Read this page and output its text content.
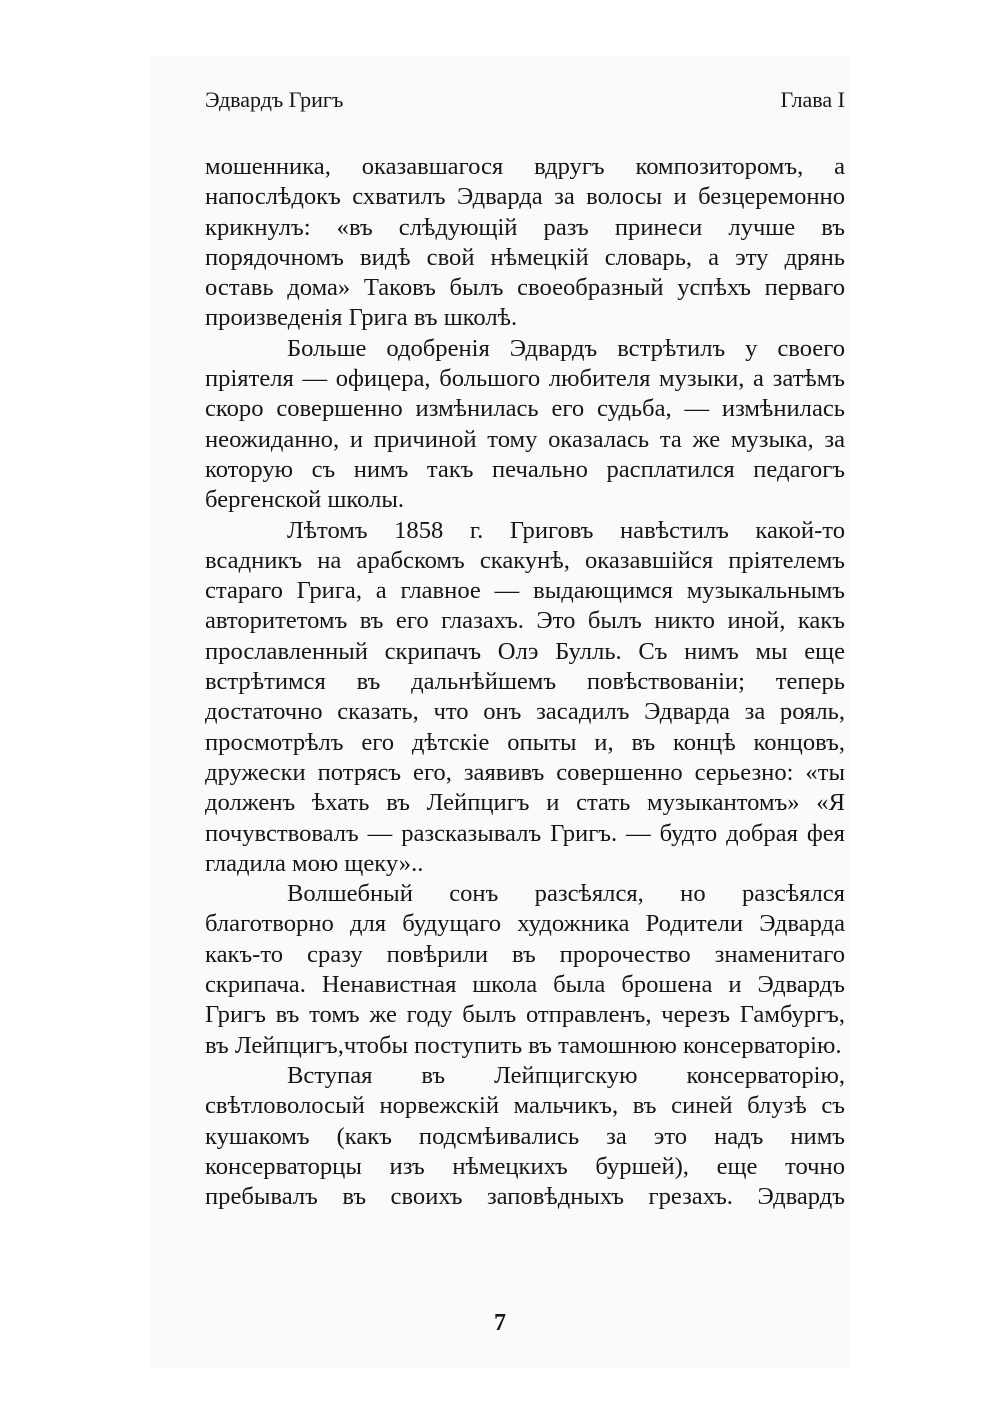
Эдвардъ Григъ	Глава I

мошенника, оказавшагося вдругъ композиторомъ, а напослѣдокъ схватилъ Эдварда за волосы и безцеремонно крикнулъ: «въ слѣдующій разъ принеси лучше въ порядочномъ видѣ свой нѣмецкій словарь, а эту дрянь оставь дома» Таковъ былъ своеобразный успѣхъ перваго произведенія Грига въ школѣ.

Больше одобренія Эдвардъ встрѣтилъ у своего пріятеля — офицера, большого любителя музыки, а затѣмъ скоро совершенно измѣнилась его судьба, — измѣнилась неожиданно, и причиной тому оказалась та же музыка, за которую съ нимъ такъ печально расплатился педагогъ бергенской школы.

Лѣтомъ 1858 г. Григовъ навѣстилъ какой-то всадникъ на арабскомъ скакунѣ, оказавшійся пріятелемъ стараго Грига, а главное — выдающимся музыкальнымъ авторитетомъ въ его глазахъ. Это былъ никто иной, какъ прославленный скрипачъ Олэ Булль. Съ нимъ мы еще встрѣтимся въ дальнѣйшемъ повѣствованіи; теперь достаточно сказать, что онъ засадилъ Эдварда за рояль, просмотрѣлъ его дѣтскіе опыты и, въ концѣ концовъ, дружески потрясъ его, заявивъ совершенно серьезно: «ты долженъ ѣхать въ Лейпцигъ и стать музыкантомъ» «Я почувствовалъ — разсказывалъ Григъ. — будто добрая фея гладила мою щеку»..

Волшебный сонъ разсѣялся, но разсѣялся благотворно для будущаго художника Родители Эдварда какъ-то сразу повѣрили въ пророчество знаменитаго скрипача. Ненавистная школа была брошена и Эдвардъ Григъ въ томъ же году былъ отправленъ, черезъ Гамбургъ, въ Лейпцигъ,чтобы поступить въ тамошнюю консерваторію.

Вступая въ Лейпцигскую консерваторію, свѣтловолосый норвежскій мальчикъ, въ синей блузѣ съ кушакомъ (какъ подсмѣивались за это надъ нимъ консерваторцы изъ нѣмецкихъ буршей), еще точно пребывалъ въ своихъ заповѣдныхъ грезахъ. Эдвардъ

7
